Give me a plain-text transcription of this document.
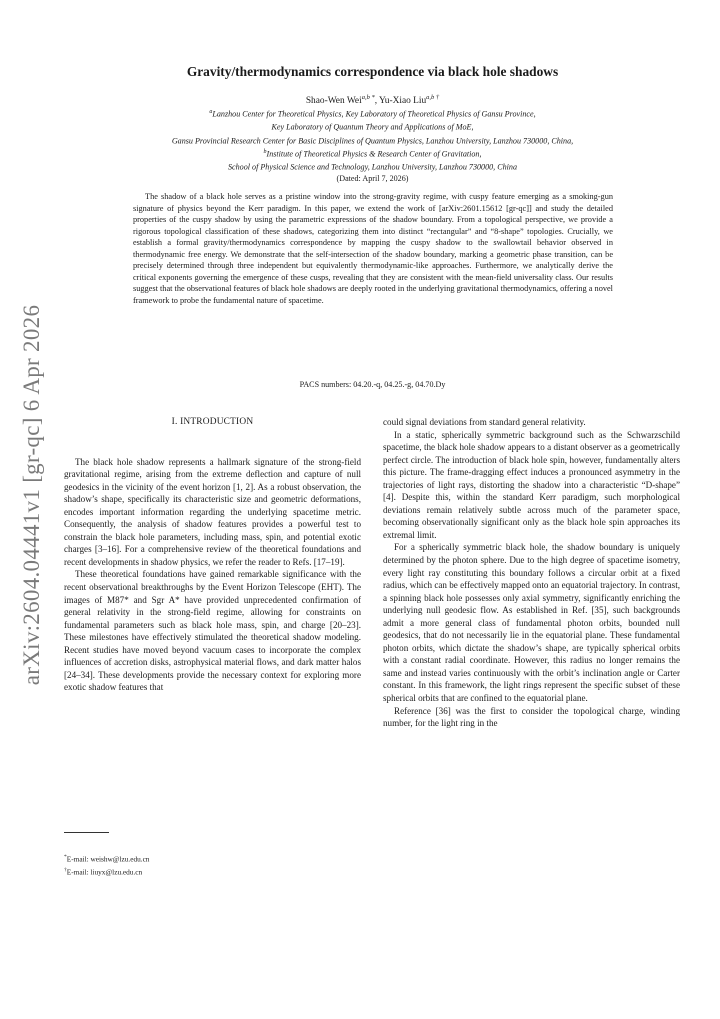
arXiv:2604.04441v1 [gr-qc] 6 Apr 2026
Gravity/thermodynamics correspondence via black hole shadows
Shao-Wen Wei$^{a,b *}$, Yu-Xiao Liu$^{a,b \dagger}$
$^a$Lanzhou Center for Theoretical Physics, Key Laboratory of Theoretical Physics of Gansu Province,
Key Laboratory of Quantum Theory and Applications of MoE,
Gansu Provincial Research Center for Basic Disciplines of Quantum Physics, Lanzhou University, Lanzhou 730000, China,
$^b$Institute of Theoretical Physics & Research Center of Gravitation,
School of Physical Science and Technology, Lanzhou University, Lanzhou 730000, China
(Dated: April 7, 2026)

The shadow of a black hole serves as a pristine window into the strong-gravity regime, with cuspy feature emerging as a smoking-gun signature of physics beyond the Kerr paradigm. In this paper, we extend the work of [arXiv:2601.15612 [gr-qc]] and study the detailed properties of the cuspy shadow by using the parametric expressions of the shadow boundary. From a topological perspective, we provide a rigorous topological classification of these shadows, categorizing them into distinct “rectangular” and “8-shape” topologies. Crucially, we establish a formal gravity/thermodynamics correspondence by mapping the cuspy shadow to the swallowtail behavior observed in thermodynamic free energy. We demonstrate that the self-intersection of the shadow boundary, marking a geometric phase transition, can be precisely determined through three independent but equivalently thermodynamic-like approaches. Furthermore, we analytically derive the critical exponents governing the emergence of these cusps, revealing that they are consistent with the mean-field universality class. Our results suggest that the observational features of black hole shadows are deeply rooted in the underlying gravitational thermodynamics, offering a novel framework to probe the fundamental nature of spacetime.

PACS numbers: 04.20.-q, 04.25.-g, 04.70.Dy
I. INTRODUCTION

The black hole shadow represents a hallmark signature of the strong-field gravitational regime, arising from the extreme deflection and capture of null geodesics in the vicinity of the event horizon [1, 2]. As a robust observation, the shadow’s shape, specifically its characteristic size and geometric deformations, encodes important information regarding the underlying spacetime metric. Consequently, the analysis of shadow features provides a powerful test to constrain the black hole parameters, including mass, spin, and potential exotic charges [3–16]. For a comprehensive review of the theoretical foundations and recent developments in shadow physics, we refer the reader to Refs. [17–19].

These theoretical foundations have gained remarkable significance with the recent observational breakthroughs by the Event Horizon Telescope (EHT). The images of M87* and Sgr A* have provided unprecedented confirmation of general relativity in the strong-field regime, allowing for constraints on fundamental parameters such as black hole mass, spin, and charge [20–23]. These milestones have effectively stimulated the theoretical shadow modeling. Recent studies have moved beyond vacuum cases to incorporate the complex influences of accretion disks, astrophysical material flows, and dark matter halos [24–34]. These developments provide the necessary context for exploring more exotic shadow features that

could signal deviations from standard general relativity.

In a static, spherically symmetric background such as the Schwarzschild spacetime, the black hole shadow appears to a distant observer as a geometrically perfect circle. The introduction of black hole spin, however, fundamentally alters this picture. The frame-dragging effect induces a pronounced asymmetry in the trajectories of light rays, distorting the shadow into a characteristic “D-shape” [4]. Despite this, within the standard Kerr paradigm, such morphological deviations remain relatively subtle across much of the parameter space, becoming observationally significant only as the black hole spin approaches its extremal limit.

For a spherically symmetric black hole, the shadow boundary is uniquely determined by the photon sphere. Due to the high degree of spacetime isometry, every light ray constituting this boundary follows a circular orbit at a fixed radius, which can be effectively mapped onto an equatorial trajectory. In contrast, a spinning black hole possesses only axial symmetry, significantly enriching the underlying null geodesic flow. As established in Ref. [35], such backgrounds admit a more general class of fundamental photon orbits, bounded null geodesics, that do not necessarily lie in the equatorial plane. These fundamental photon orbits, which dictate the shadow’s shape, are typically spherical orbits with a constant radial coordinate. However, this radius no longer remains the same and instead varies continuously with the orbit’s inclination angle or Carter constant. In this framework, the light rings represent the specific subset of these spherical orbits that are confined to the equatorial plane.

Reference [36] was the first to consider the topological charge, winding number, for the light ring in the

*E-mail: weishw@lzu.edu.cn
†E-mail: liuyx@lzu.edu.cn
